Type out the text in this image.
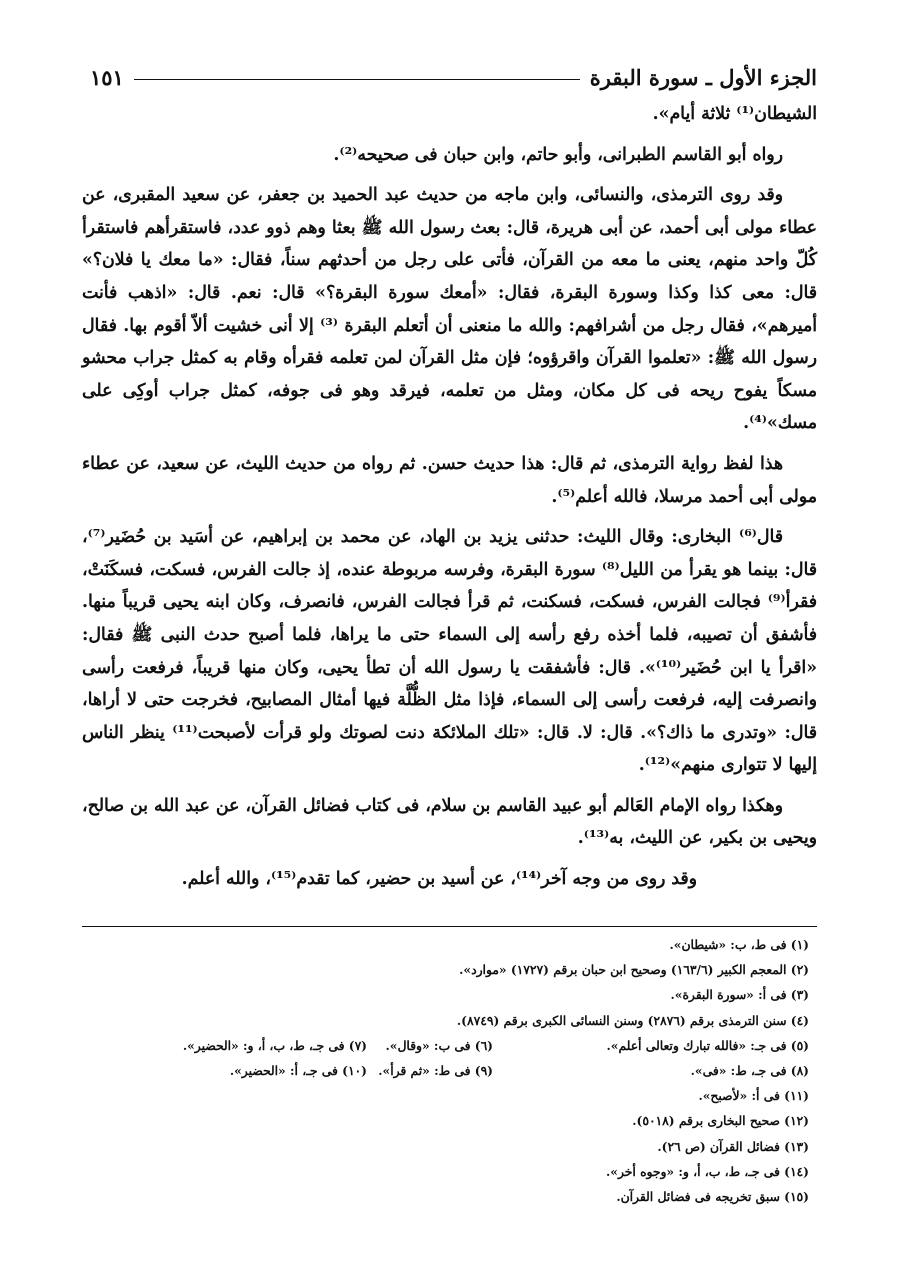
الجزء الأول ـ سورة البقرة
١٥١

الشيطان⁽¹⁾ ثلاثة أيام».

رواه أبو القاسم الطبرانى، وأبو حاتم، وابن حبان فى صحيحه⁽²⁾.

وقد روى الترمذى، والنسائى، وابن ماجه من حديث عبد الحميد بن جعفر، عن سعيد المقبرى، عن عطاء مولى أبى أحمد، عن أبى هريرة، قال: بعث رسول الله ﷺ بعثا وهم ذوو عدد، فاستقرأهم فاستقرأ كُلّ واحد منهم، يعنى ما معه من القرآن، فأتى على رجل من أحدثهم سناً، فقال: «ما معك يا فلان؟» قال: معى كذا وكذا وسورة البقرة، فقال: «أمعك سورة البقرة؟» قال: نعم. قال: «اذهب فأنت أميرهم»، فقال رجل من أشرافهم: والله ما منعنى أن أتعلم البقرة ⁽³⁾ إلا أنى خشيت ألاّ أقوم بها. فقال رسول الله ﷺ: «تعلموا القرآن واقرؤوه؛ فإن مثل القرآن لمن تعلمه فقرأه وقام به كمثل جراب محشو مسكاً يفوح ريحه فى كل مكان، ومثل من تعلمه، فيرقد وهو فى جوفه، كمثل جراب أوكِى على مسك»⁽⁴⁾.

هذا لفظ رواية الترمذى، ثم قال: هذا حديث حسن. ثم رواه من حديث الليث، عن سعيد، عن عطاء مولى أبى أحمد مرسلا، فالله أعلم⁽⁵⁾.

قال⁽⁶⁾ البخارى: وقال الليث: حدثنى يزيد بن الهاد، عن محمد بن إبراهيم، عن أسَيد بن حُضَير⁽⁷⁾، قال: بينما هو يقرأ من الليل⁽⁸⁾ سورة البقرة، وفرسه مربوطة عنده، إذ جالت الفرس، فسكت، فسكَنَتْ، فقرأ⁽⁹⁾ فجالت الفرس، فسكت، فسكنت، ثم قرأ فجالت الفرس، فانصرف، وكان ابنه يحيى قريباً منها. فأشفق أن تصيبه، فلما أخذه رفع رأسه إلى السماء حتى ما يراها، فلما أصبح حدث النبى ﷺ فقال: «اقرأ يا ابن حُضَير⁽¹⁰⁾». قال: فأشفقت يا رسول الله أن تطأ يحيى، وكان منها قريباً، فرفعت رأسى وانصرفت إليه، فرفعت رأسى إلى السماء، فإذا مثل الظُّلَّة فيها أمثال المصابيح، فخرجت حتى لا أراها، قال: «وتدرى ما ذاك؟». قال: لا. قال: «تلك الملائكة دنت لصوتك ولو قرأت لأصبحت⁽¹¹⁾ ينظر الناس إليها لا تتوارى منهم»⁽¹²⁾.

وهكذا رواه الإمام العَالم أبو عبيد القاسم بن سلام، فى كتاب فضائل القرآن، عن عبد الله بن صالح، ويحيى بن بكير، عن الليث، به⁽¹³⁾.

وقد روى من وجه آخر⁽¹⁴⁾، عن أسيد بن حضير، كما تقدم⁽¹⁵⁾، والله أعلم.

(١) فى ط، ب: «شيطان».
(٢) المعجم الكبير (١٦٣/٦) وصحيح ابن حبان برقم (١٧٢٧) «موارد».
(٣) فى أ: «سورة البقرة».
(٤) سنن الترمذى برقم (٢٨٧٦) وسنن النسائى الكبرى برقم (٨٧٤٩).
(٥) فى جـ: «فالله تبارك وتعالى أعلم».
(٦) فى ب: «وقال».
(٧) فى جـ، ط، ب، أ، و: «الحضير».
(٨) فى جـ، ط: «فى».
(٩) فى ط: «ثم قرأ».
(١٠) فى جـ، أ: «الحضير».
(١١) فى أ: «لأصبح».
(١٢) صحيح البخارى برقم (٥٠١٨).
(١٣) فضائل القرآن (ص ٢٦).
(١٤) فى جـ، ط، ب، أ، و: «وجوه أخر».
(١٥) سبق تخريجه فى فضائل القرآن.
